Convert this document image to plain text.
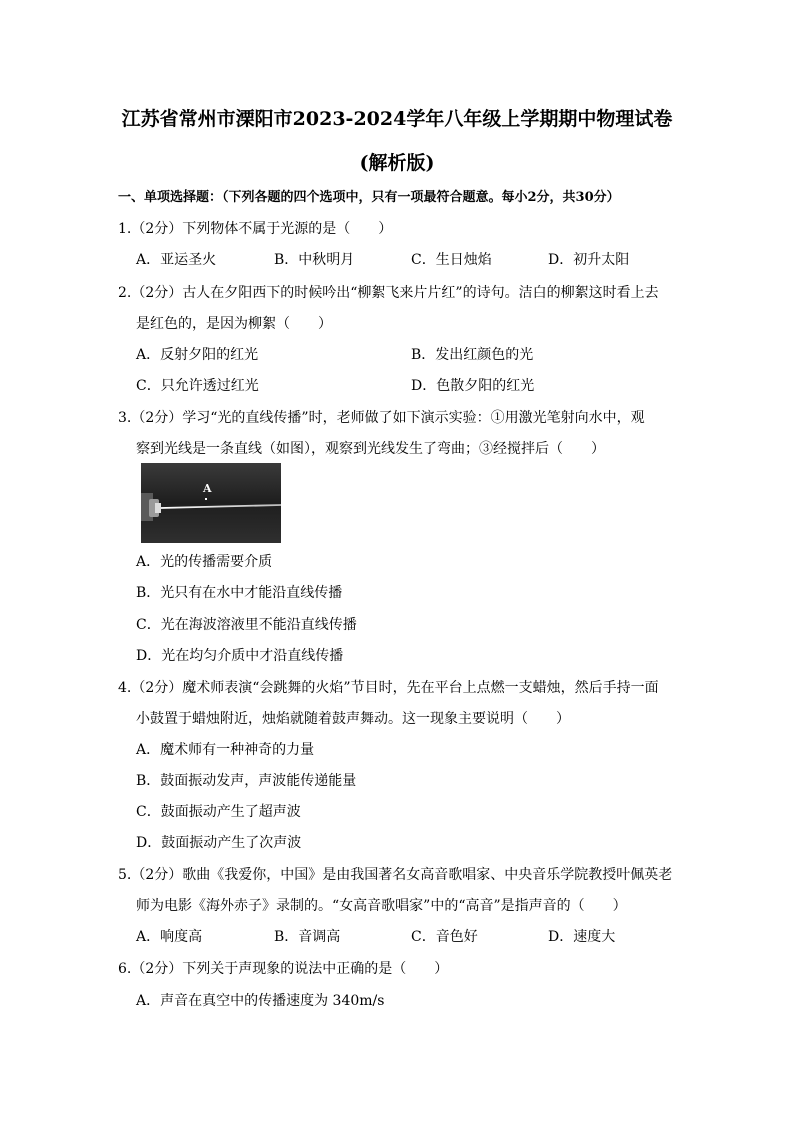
江苏省常州市溧阳市2023-2024学年八年级上学期期中物理试卷
(解析版)
一、单项选择题：（下列各题的四个选项中，只有一项最符合题意。每小2分，共30分）
1.（2分）下列物体不属于光源的是（　　）
A．亚运圣火	B．中秋明月	C．生日烛焰	D．初升太阳
2.（2分）古人在夕阳西下的时候吟出“柳絮飞来片片红”的诗句。洁白的柳絮这时看上去
是红色的，是因为柳絮（　　）
A．反射夕阳的红光	B．发出红颜色的光
C．只允许透过红光	D．色散夕阳的红光
3.（2分）学习“光的直线传播”时，老师做了如下演示实验：①用激光笔射向水中，观
察到光线是一条直线（如图），观察到光线发生了弯曲；③经搅拌后（　　）
A
A．光的传播需要介质
B．光只有在水中才能沿直线传播
C．光在海波溶液里不能沿直线传播
D．光在均匀介质中才沿直线传播
4.（2分）魔术师表演“会跳舞的火焰”节目时，先在平台上点燃一支蜡烛，然后手持一面
小鼓置于蜡烛附近，烛焰就随着鼓声舞动。这一现象主要说明（　　）
A．魔术师有一种神奇的力量
B．鼓面振动发声，声波能传递能量
C．鼓面振动产生了超声波
D．鼓面振动产生了次声波
5.（2分）歌曲《我爱你，中国》是由我国著名女高音歌唱家、中央音乐学院教授叶佩英老
师为电影《海外赤子》录制的。“女高音歌唱家”中的“高音”是指声音的（　　）
A．响度高	B．音调高	C．音色好	D．速度大
6.（2分）下列关于声现象的说法中正确的是（　　）
A．声音在真空中的传播速度为 340m/s
